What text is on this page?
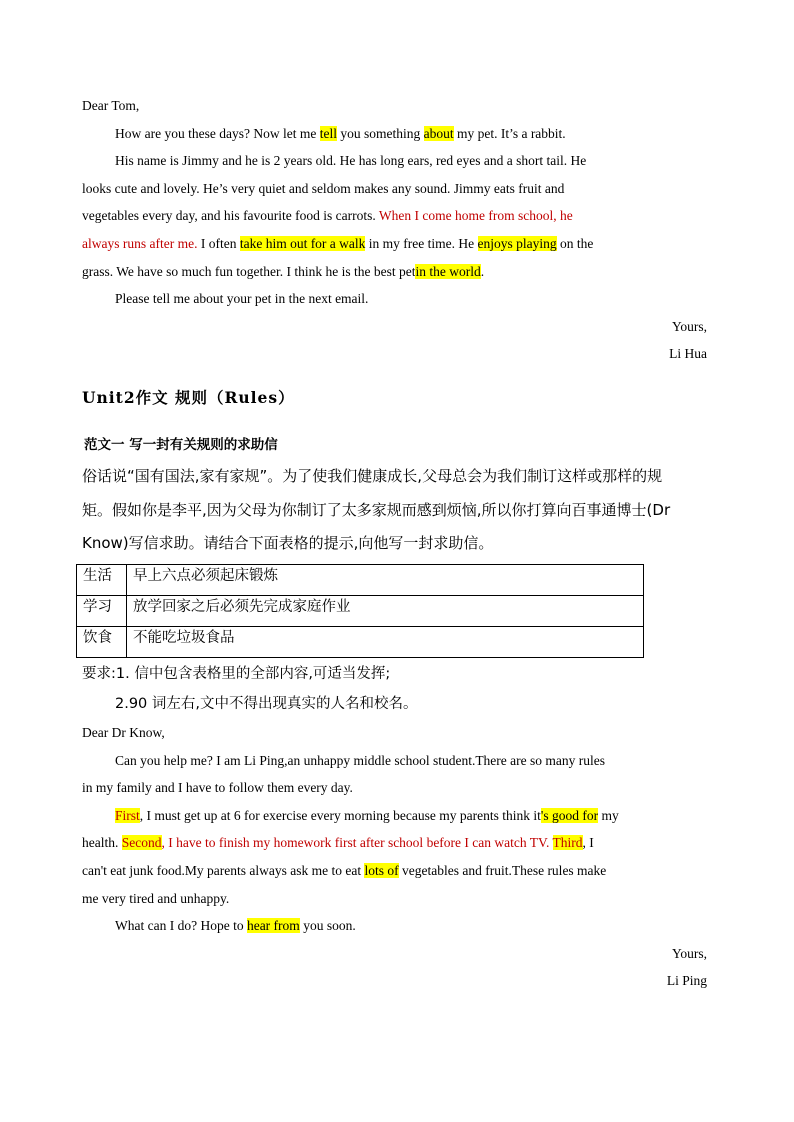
Dear Tom,
How are you these days? Now let me tell you something about my pet. It’s a rabbit.
His name is Jimmy and he is 2 years old. He has long ears, red eyes and a short tail. He
looks cute and lovely. He’s very quiet and seldom makes any sound. Jimmy eats fruit and
vegetables every day, and his favourite food is carrots. When I come home from school, he
always runs after me. I often take him out for a walk in my free time. He enjoys playing on the
grass. We have so much fun together. I think he is the best petin the world.
Please tell me about your pet in the next email.
Yours,
Li Hua
Unit2作文 规则（Rules）
范文一 写一封有关规则的求助信
俗话说“国有国法,家有家规”。为了使我们健康成长,父母总会为我们制订这样或那样的规
矩。假如你是李平,因为父母为你制订了太多家规而感到烦恼,所以你打算向百事通博士(Dr
Know)写信求助。请结合下面表格的提示,向他写一封求助信。
生活	早上六点必须起床锻炼
学习	放学回家之后必须先完成家庭作业
饮食	不能吃垃圾食品
要求:1. 信中包含表格里的全部内容,可适当发挥;
2.90 词左右,文中不得出现真实的人名和校名。
Dear Dr Know,
Can you help me? I am Li Ping,an unhappy middle school student.There are so many rules
in my family and I have to follow them every day.
First, I must get up at 6 for exercise every morning because my parents think it's good for my
health. Second, I have to finish my homework first after school before I can watch TV. Third, I
can't eat junk food.My parents always ask me to eat lots of vegetables and fruit.These rules make
me very tired and unhappy.
What can I do? Hope to hear from you soon.
Yours,
Li Ping
